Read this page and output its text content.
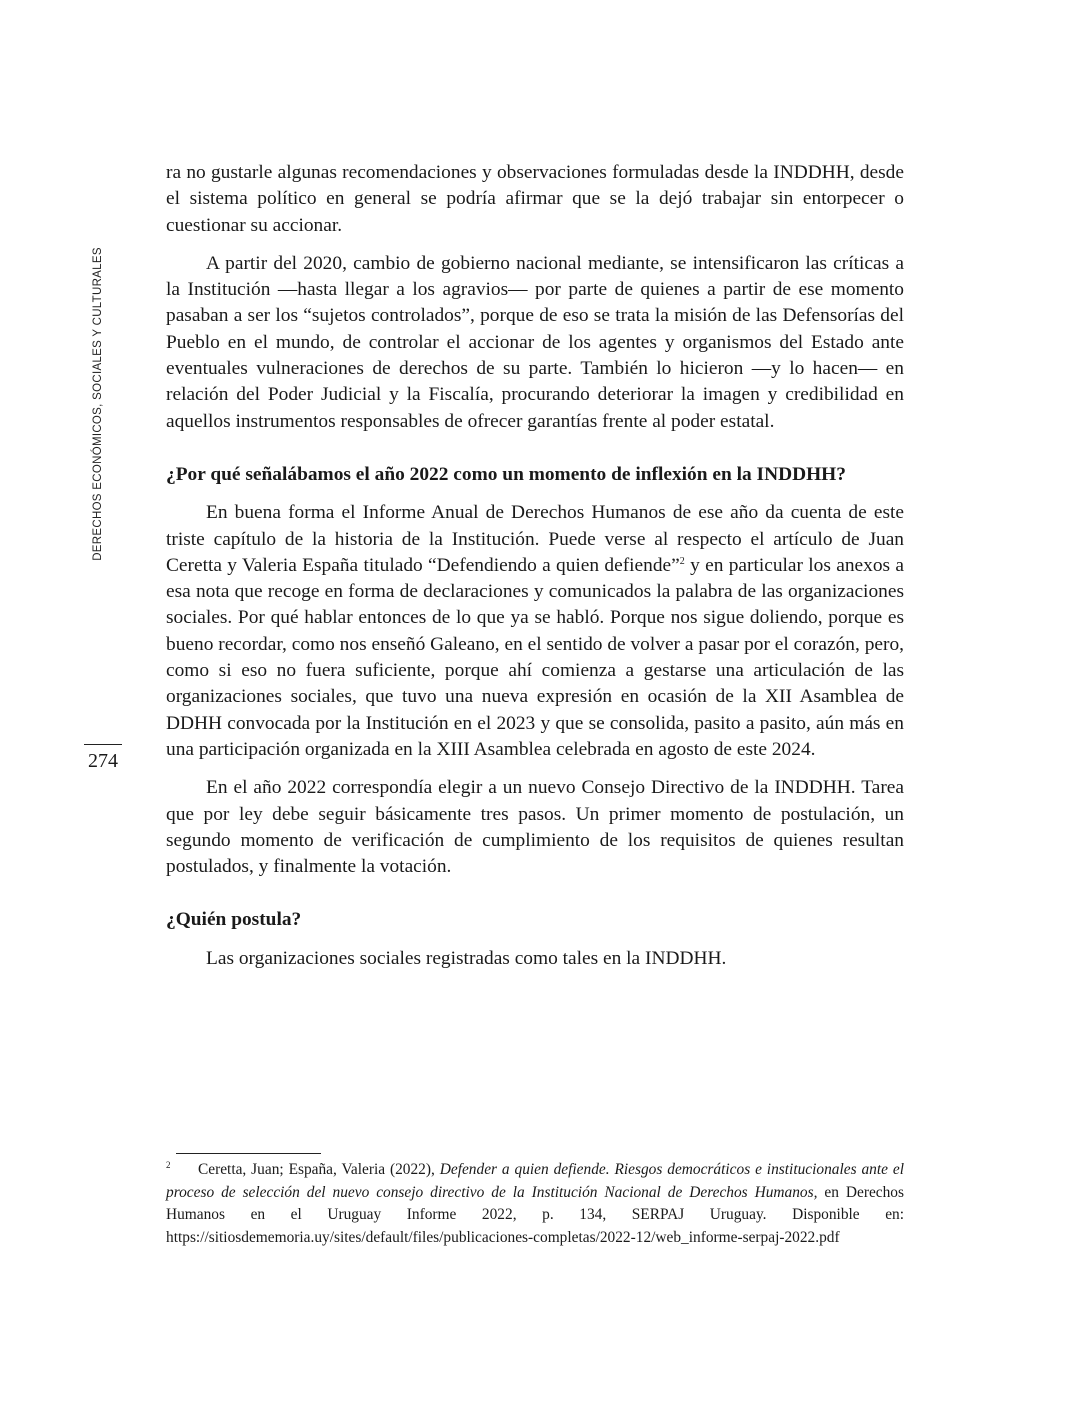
DERECHOS ECONÓMICOS, SOCIALES Y CULTURALES
274

ra no gustarle algunas recomendaciones y observaciones formuladas desde la INDDHH, desde el sistema político en general se podría afirmar que se la dejó trabajar sin entorpecer o cuestionar su accionar.

A partir del 2020, cambio de gobierno nacional mediante, se intensificaron las críticas a la Institución —hasta llegar a los agravios— por parte de quienes a partir de ese momento pasaban a ser los “sujetos controlados”, porque de eso se trata la misión de las Defensorías del Pueblo en el mundo, de controlar el accionar de los agentes y organismos del Estado ante eventuales vulneraciones de derechos de su parte. También lo hicieron —y lo hacen— en relación del Poder Judicial y la Fiscalía, procurando deteriorar la imagen y credibilidad en aquellos instrumentos responsables de ofrecer garantías frente al poder estatal.

¿Por qué señalábamos el año 2022 como un momento de inflexión en la INDDHH?

En buena forma el Informe Anual de Derechos Humanos de ese año da cuenta de este triste capítulo de la historia de la Institución. Puede verse al respecto el artículo de Juan Ceretta y Valeria España titulado “Defendiendo a quien defiende”$^2$ y en particular los anexos a esa nota que recoge en forma de declaraciones y comunicados la palabra de las organizaciones sociales. Por qué hablar entonces de lo que ya se habló. Porque nos sigue doliendo, porque es bueno recordar, como nos enseñó Galeano, en el sentido de volver a pasar por el corazón, pero, como si eso no fuera suficiente, porque ahí comienza a gestarse una articulación de las organizaciones sociales, que tuvo una nueva expresión en ocasión de la XII Asamblea de DDHH convocada por la Institución en el 2023 y que se consolida, pasito a pasito, aún más en una participación organizada en la XIII Asamblea celebrada en agosto de este 2024.

En el año 2022 correspondía elegir a un nuevo Consejo Directivo de la INDDHH. Tarea que por ley debe seguir básicamente tres pasos. Un primer momento de postulación, un segundo momento de verificación de cumplimiento de los requisitos de quienes resultan postulados, y finalmente la votación.

¿Quién postula?

Las organizaciones sociales registradas como tales en la INDDHH.

2 Ceretta, Juan; España, Valeria (2022), Defender a quien defiende. Riesgos democráticos e institucionales ante el proceso de selección del nuevo consejo directivo de la Institución Nacional de Derechos Humanos, en Derechos Humanos en el Uruguay Informe 2022, p. 134, SERPAJ Uruguay. Disponible en: https://sitiosdememoria.uy/sites/default/files/publicaciones-completas/2022-12/web_informe-serpaj-2022.pdf
